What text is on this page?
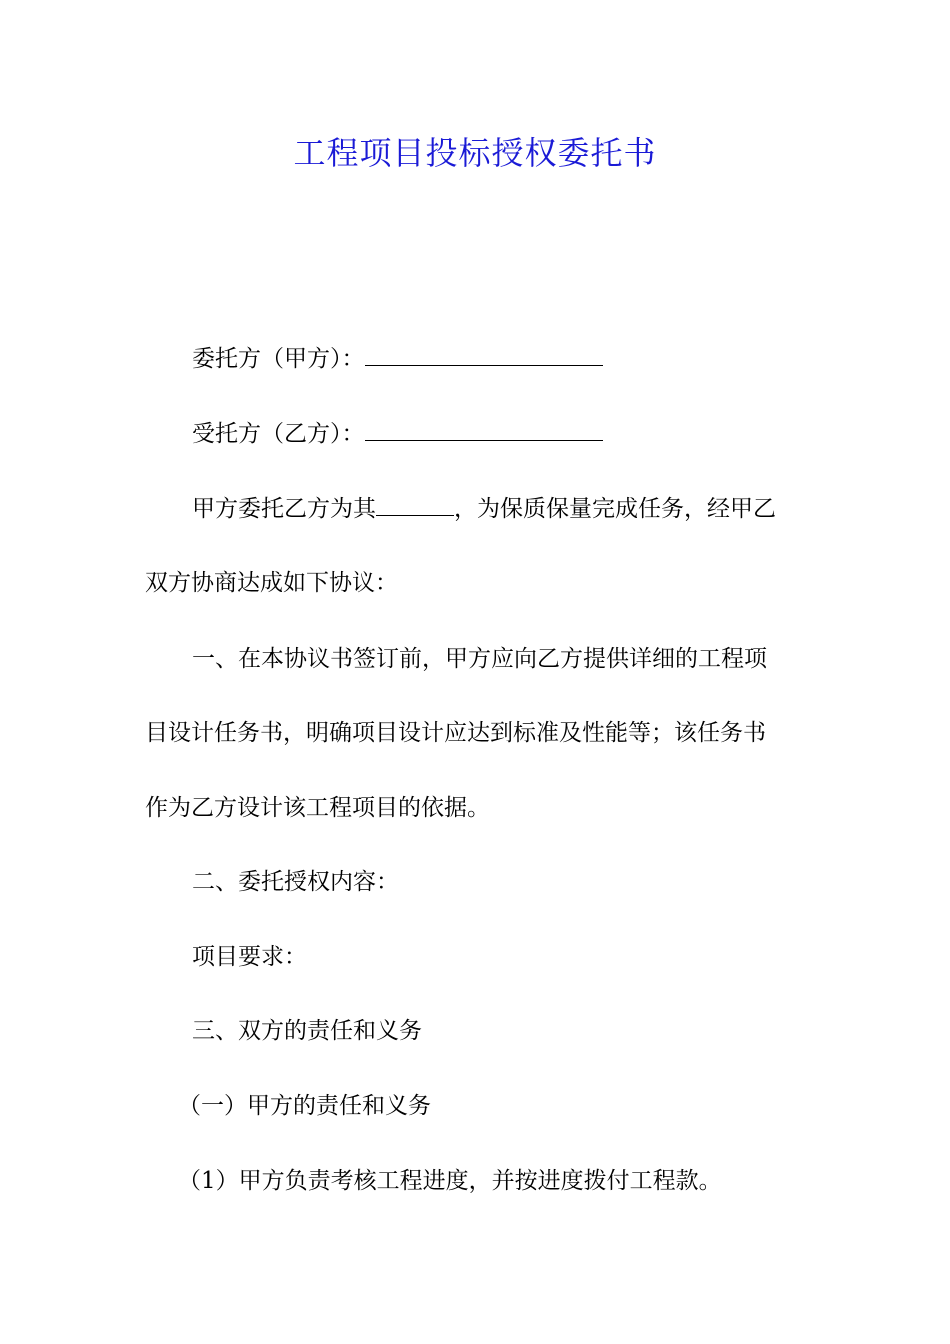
工程项目投标授权委托书

委托方（甲方）：

受托方（乙方）：

甲方委托乙方为其	，为保质保量完成任务，经甲乙

双方协商达成如下协议：

一、在本协议书签订前，甲方应向乙方提供详细的工程项

目设计任务书，明确项目设计应达到标准及性能等；该任务书

作为乙方设计该工程项目的依据。

二、委托授权内容：

项目要求：

三、双方的责任和义务

（一）甲方的责任和义务

（1）甲方负责考核工程进度，并按进度拨付工程款。
